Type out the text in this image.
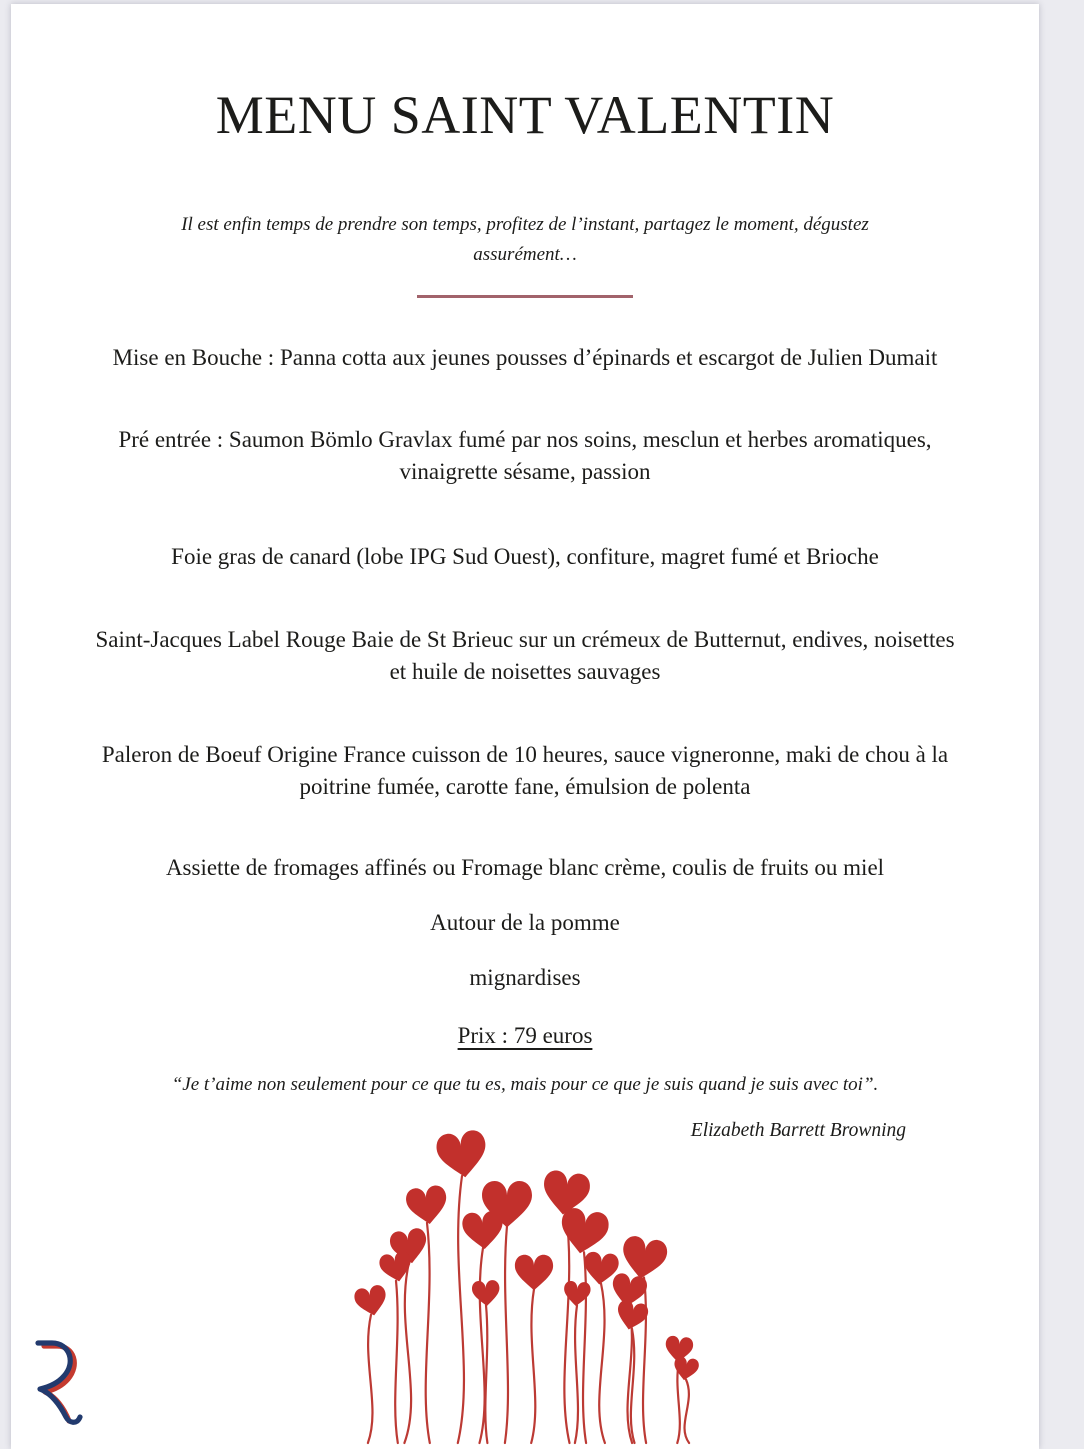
MENU SAINT VALENTIN
Il est enfin temps de prendre son temps, profitez de l’instant, partagez le moment, dégustez
assurément…
Mise en Bouche : Panna cotta aux jeunes pousses d’épinards et escargot de Julien Dumait
Pré entrée : Saumon Bömlo Gravlax fumé par nos soins, mesclun et herbes aromatiques,
vinaigrette sésame, passion
Foie gras de canard (lobe IPG Sud Ouest), confiture, magret fumé et Brioche
Saint-Jacques Label Rouge Baie de St Brieuc sur un crémeux de Butternut, endives, noisettes
et huile de noisettes sauvages
Paleron de Boeuf Origine France cuisson de 10 heures, sauce vigneronne, maki de chou à la
poitrine fumée, carotte fane, émulsion de polenta
Assiette de fromages affinés ou Fromage blanc crème, coulis de fruits ou miel
Autour de la pomme
mignardises
Prix : 79 euros
“Je t’aime non seulement pour ce que tu es, mais pour ce que je suis quand je suis avec toi”.
Elizabeth Barrett Browning
